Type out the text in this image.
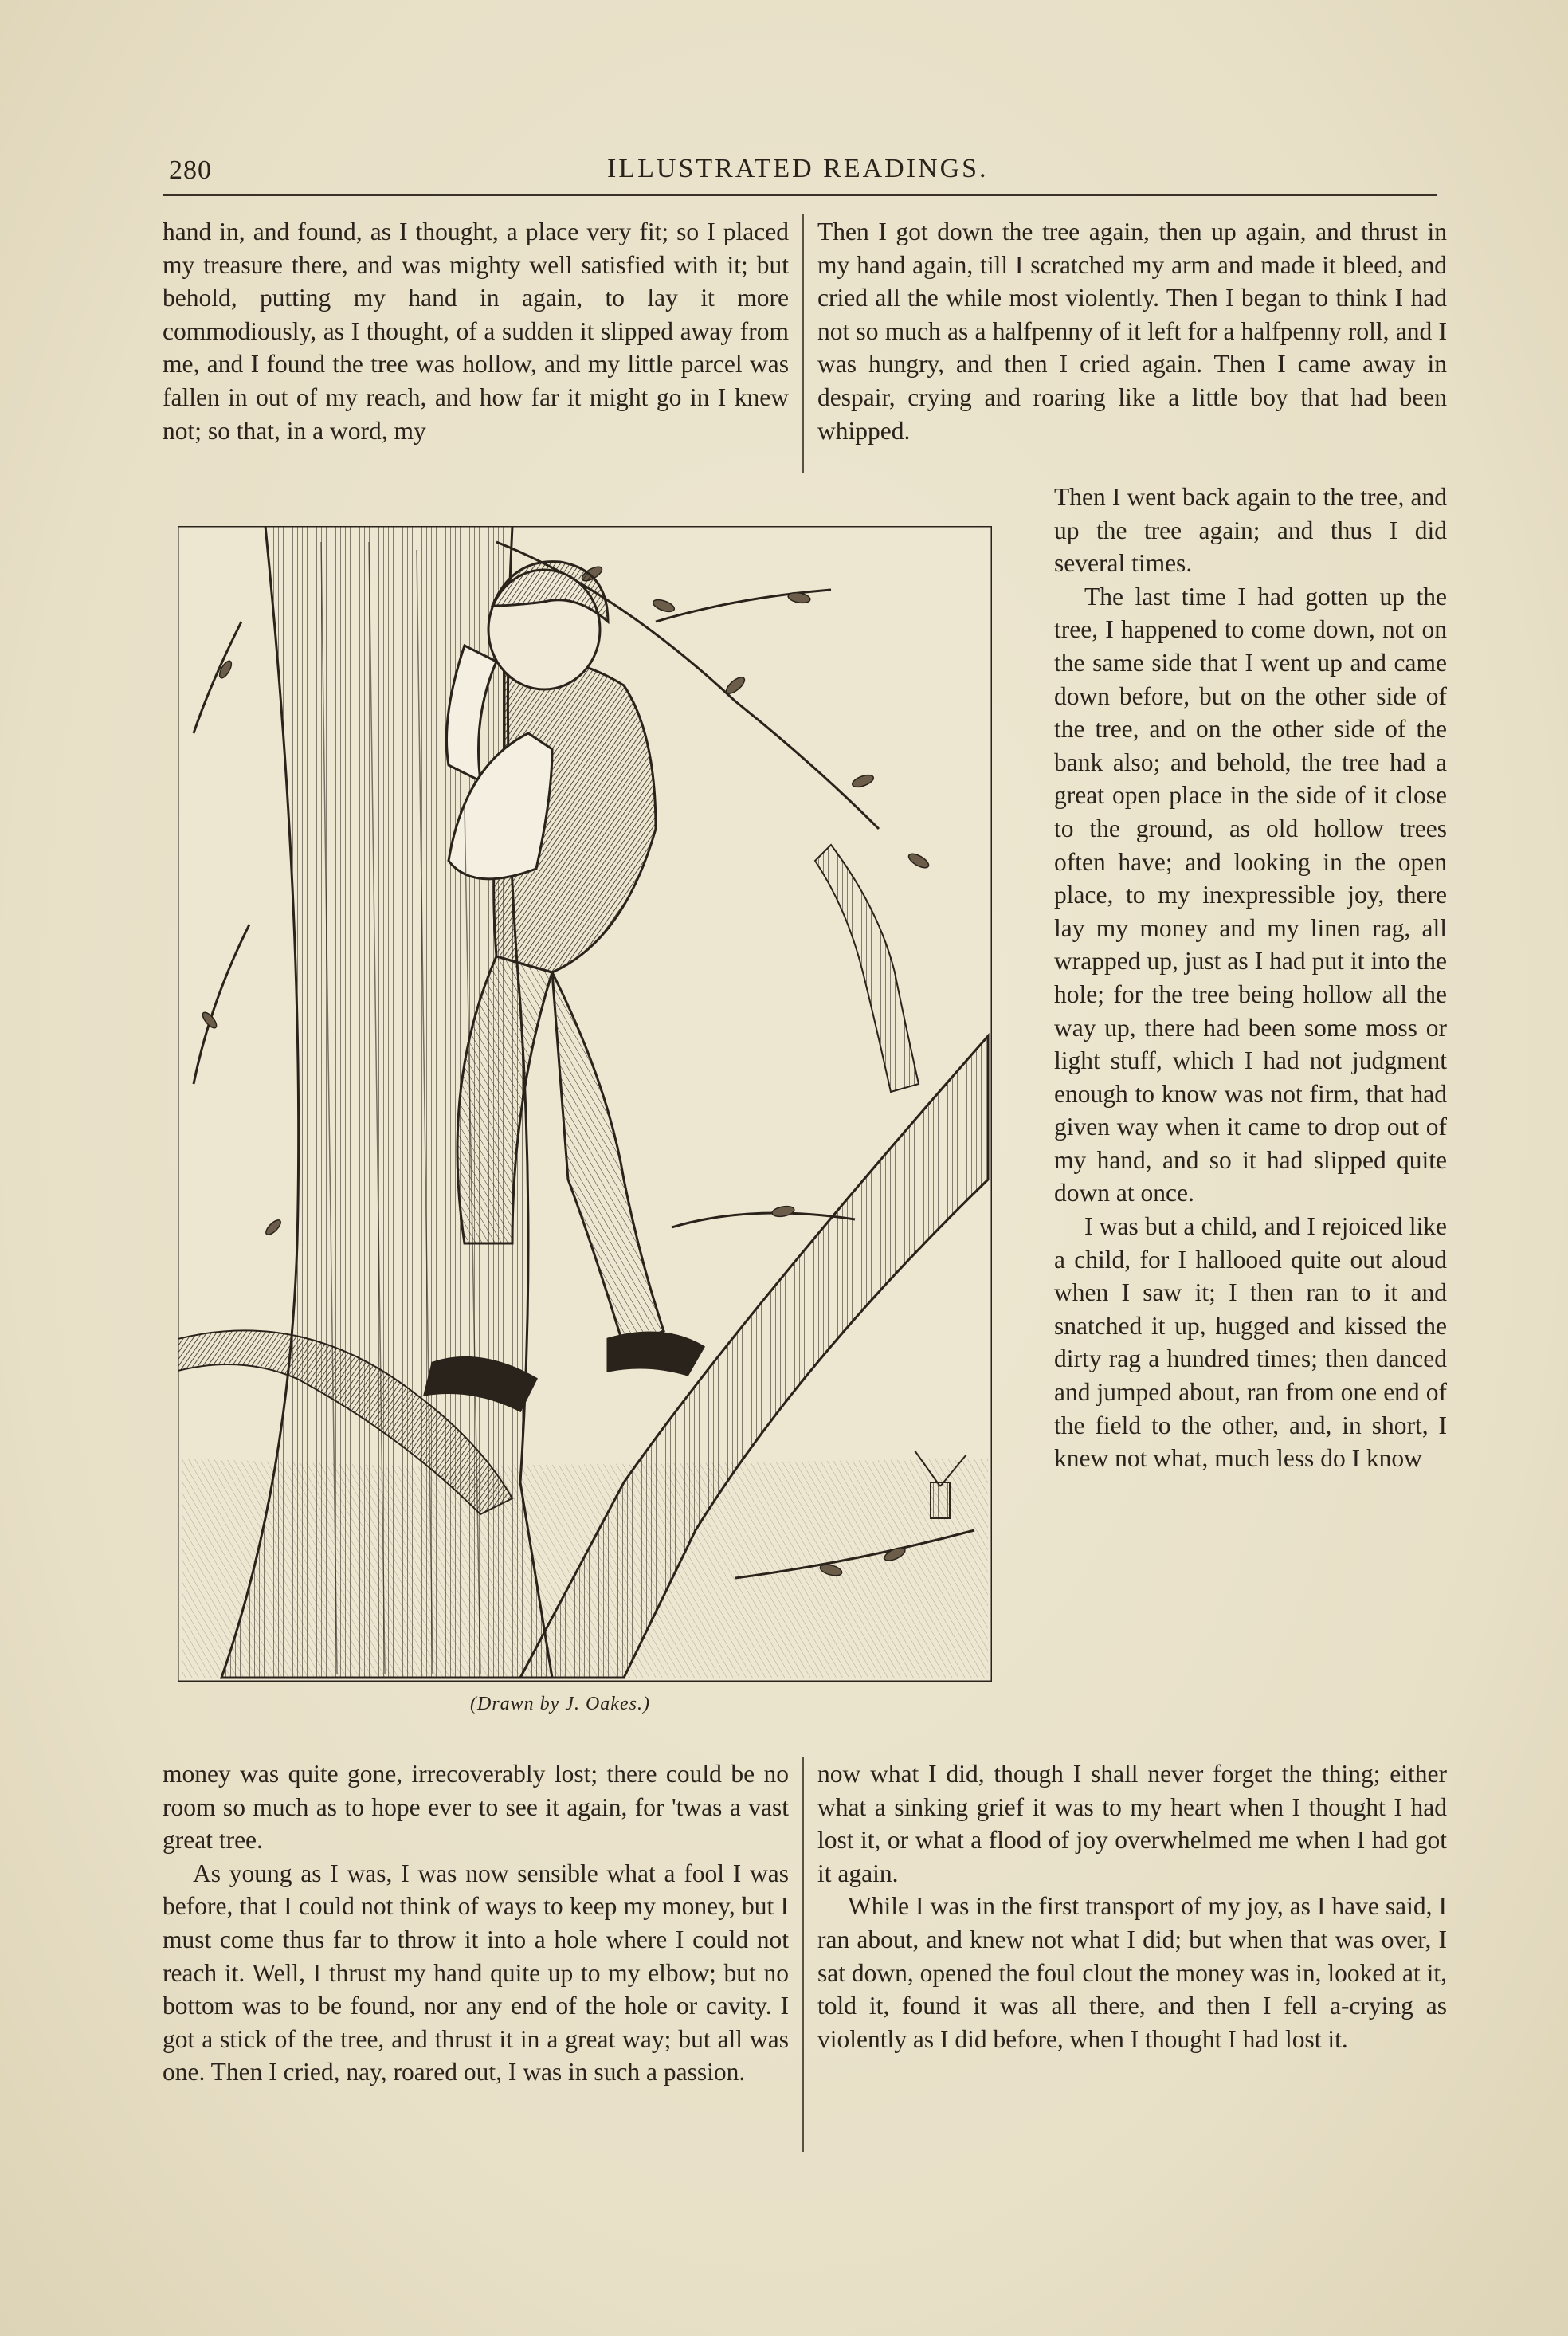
280	ILLUSTRATED READINGS.

hand in, and found, as I thought, a place very fit; so I placed my treasure there, and was mighty well satisfied with it; but behold, putting my hand in again, to lay it more commodiously, as I thought, of a sudden it slipped away from me, and I found the tree was hollow, and my little parcel was fallen in out of my reach, and how far it might go in I knew not; so that, in a word, my

Then I got down the tree again, then up again, and thrust in my hand again, till I scratched my arm and made it bleed, and cried all the while most violently. Then I began to think I had not so much as a halfpenny of it left for a halfpenny roll, and I was hungry, and then I cried again. Then I came away in despair, crying and roaring like a little boy that had been whipped.

Then I went back again to the tree, and up the tree again; and thus I did several times.

The last time I had gotten up the tree, I happened to come down, not on the same side that I went up and came down before, but on the other side of the tree, and on the other side of the bank also; and behold, the tree had a great open place in the side of it close to the ground, as old hollow trees often have; and looking in the open place, to my inexpressible joy, there lay my money and my linen rag, all wrapped up, just as I had put it into the hole; for the tree being hollow all the way up, there had been some moss or light stuff, which I had not judgment enough to know was not firm, that had given way when it came to drop out of my hand, and so it had slipped quite down at once.

I was but a child, and I rejoiced like a child, for I hallooed quite out aloud when I saw it; I then ran to it and snatched it up, hugged and kissed the dirty rag a hundred times; then danced and jumped about, ran from one end of the field to the other, and, in short, I knew not what, much less do I know

(Drawn by J. Oakes.)

money was quite gone, irrecoverably lost; there could be no room so much as to hope ever to see it again, for 'twas a vast great tree.

As young as I was, I was now sensible what a fool I was before, that I could not think of ways to keep my money, but I must come thus far to throw it into a hole where I could not reach it. Well, I thrust my hand quite up to my elbow; but no bottom was to be found, nor any end of the hole or cavity. I got a stick of the tree, and thrust it in a great way; but all was one. Then I cried, nay, roared out, I was in such a passion.

now what I did, though I shall never forget the thing; either what a sinking grief it was to my heart when I thought I had lost it, or what a flood of joy overwhelmed me when I had got it again.

While I was in the first transport of my joy, as I have said, I ran about, and knew not what I did; but when that was over, I sat down, opened the foul clout the money was in, looked at it, told it, found it was all there, and then I fell a-crying as violently as I did before, when I thought I had lost it.
